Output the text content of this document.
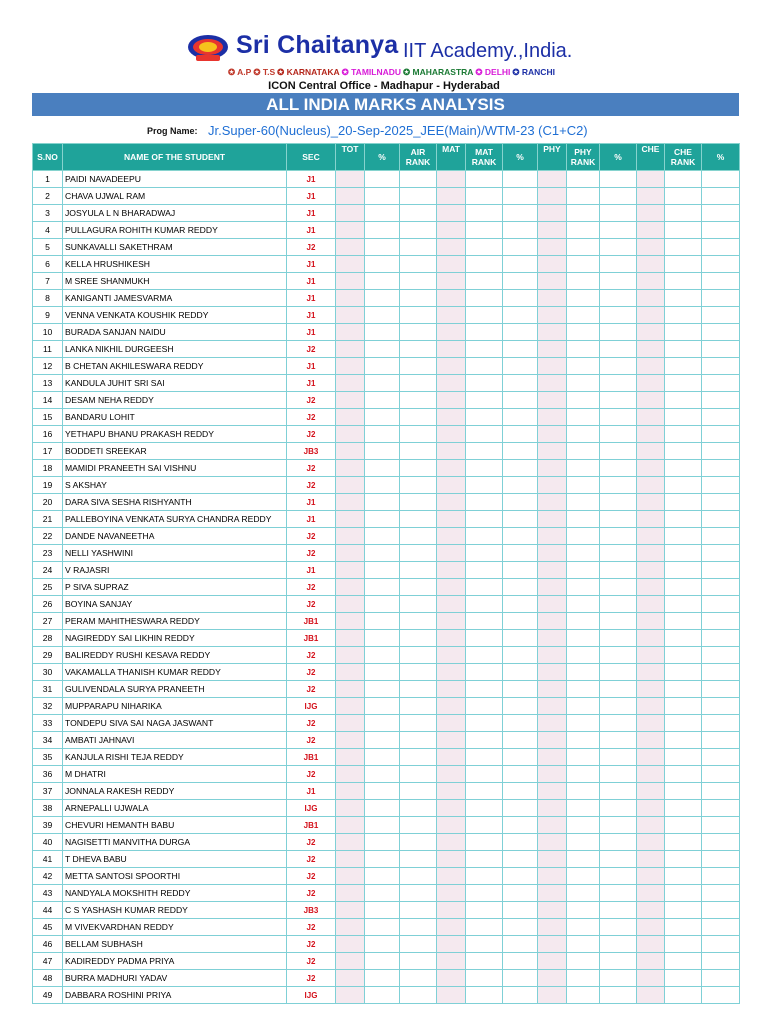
Sri Chaitanya IIT Academy.,India.
✪ A.P ✪ T.S ✪ KARNATAKA ✪ TAMILNADU ✪ MAHARASTRA ✪ DELHI ✪ RANCHI
ICON Central Office - Madhapur - Hyderabad
ALL INDIA MARKS ANALYSIS
Prog Name: Jr.Super-60(Nucleus)_20-Sep-2025_JEE(Main)/WTM-23 (C1+C2)
S.NO	NAME OF THE STUDENT	SEC	TOT	%	AIR RANK	MAT	MAT RANK	%	PHY	PHY RANK	%	CHE	CHE RANK	%
1	PAIDI NAVADEEPU	J1												
2	CHAVA UJWAL RAM	J1												
3	JOSYULA L N BHARADWAJ	J1												
4	PULLAGURA ROHITH KUMAR REDDY	J1												
5	SUNKAVALLI SAKETHRAM	J2												
6	KELLA HRUSHIKESH	J1												
7	M SREE SHANMUKH	J1												
8	KANIGANTI JAMESVARMA	J1												
9	VENNA VENKATA KOUSHIK REDDY	J1												
10	BURADA SANJAN NAIDU	J1												
11	LANKA NIKHIL DURGEESH	J2												
12	B CHETAN AKHILESWARA REDDY	J1												
13	KANDULA JUHIT SRI SAI	J1												
14	DESAM NEHA REDDY	J2												
15	BANDARU LOHIT	J2												
16	YETHAPU BHANU PRAKASH REDDY	J2												
17	BODDETI SREEKAR	JB3												
18	MAMIDI PRANEETH SAI VISHNU	J2												
19	S AKSHAY	J2												
20	DARA SIVA SESHA RISHYANTH	J1												
21	PALLEBOYINA VENKATA SURYA CHANDRA REDDY	J1												
22	DANDE NAVANEETHA	J2												
23	NELLI YASHWINI	J2												
24	V RAJASRI	J1												
25	P SIVA SUPRAZ	J2												
26	BOYINA SANJAY	J2												
27	PERAM MAHITHESWARA REDDY	JB1												
28	NAGIREDDY SAI LIKHIN REDDY	JB1												
29	BALIREDDY RUSHI KESAVA REDDY	J2												
30	VAKAMALLA THANISH KUMAR REDDY	J2												
31	GULIVENDALA SURYA PRANEETH	J2												
32	MUPPARAPU NIHARIKA	IJG												
33	TONDEPU SIVA SAI NAGA JASWANT	J2												
34	AMBATI JAHNAVI	J2												
35	KANJULA RISHI TEJA REDDY	JB1												
36	M DHATRI	J2												
37	JONNALA RAKESH REDDY	J1												
38	ARNEPALLI UJWALA	IJG												
39	CHEVURI HEMANTH BABU	JB1												
40	NAGISETTI MANVITHA DURGA	J2												
41	T DHEVA BABU	J2												
42	METTA SANTOSI SPOORTHI	J2												
43	NANDYALA MOKSHITH REDDY	J2												
44	C S YASHASH KUMAR REDDY	JB3												
45	M VIVEKVARDHAN REDDY	J2												
46	BELLAM SUBHASH	J2												
47	KADIREDDY PADMA PRIYA	J2												
48	BURRA MADHURI YADAV	J2												
49	DABBARA ROSHINI PRIYA	IJG												
